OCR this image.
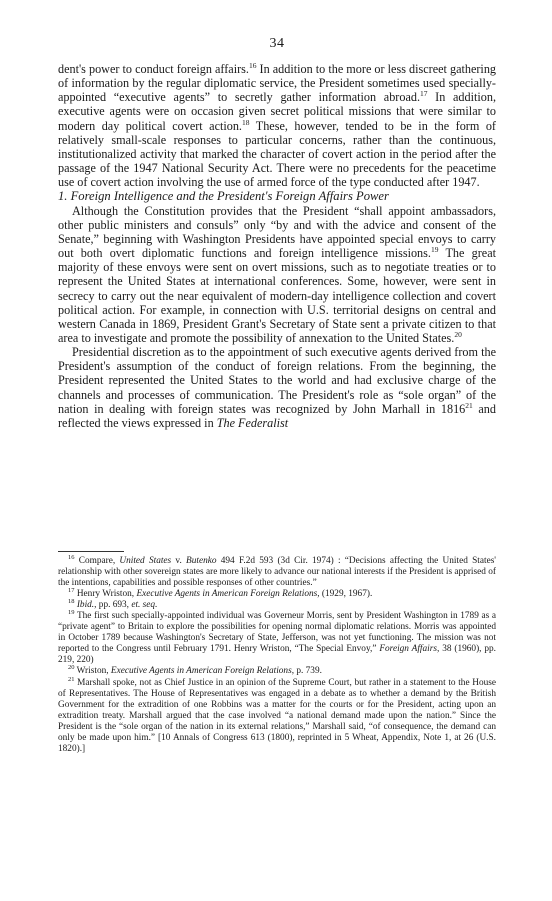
34

dent's power to conduct foreign affairs.$^{16}$ In addition to the more or less discreet gathering of information by the regular diplomatic service, the President sometimes used specially-appointed “executive agents” to secretly gather information abroad.$^{17}$ In addition, executive agents were on occasion given secret political missions that were similar to modern day political covert action.$^{18}$ These, however, tended to be in the form of relatively small-scale responses to particular concerns, rather than the continuous, institutionalized activity that marked the character of covert action in the period after the passage of the 1947 National Security Act. There were no precedents for the peacetime use of covert action involving the use of armed force of the type conducted after 1947.

1. Foreign Intelligence and the President's Foreign Affairs Power

Although the Constitution provides that the President “shall appoint ambassadors, other public ministers and consuls” only “by and with the advice and consent of the Senate,” beginning with Washington Presidents have appointed special envoys to carry out both overt diplomatic functions and foreign intelligence missions.$^{19}$ The great majority of these envoys were sent on overt missions, such as to negotiate treaties or to represent the United States at international conferences. Some, however, were sent in secrecy to carry out the near equivalent of modern-day intelligence collection and covert political action. For example, in connection with U.S. territorial designs on central and western Canada in 1869, President Grant's Secretary of State sent a private citizen to that area to investigate and promote the possibility of annexation to the United States.$^{20}$

Presidential discretion as to the appointment of such executive agents derived from the President's assumption of the conduct of foreign relations. From the beginning, the President represented the United States to the world and had exclusive charge of the channels and processes of communication. The President's role as “sole organ” of the nation in dealing with foreign states was recognized by John Marhall in 1816$^{21}$ and reflected the views expressed in The Federalist

$^{16}$ Compare, United States v. Butenko 494 F.2d 593 (3d Cir. 1974) : “Decisions affecting the United States' relationship with other sovereign states are more likely to advance our national interests if the President is apprised of the intentions, capabilities and possible responses of other countries.”

$^{17}$ Henry Wriston, Executive Agents in American Foreign Relations, (1929, 1967).

$^{18}$ Ibid., pp. 693, et. seq.

$^{19}$ The first such specially-appointed individual was Governeur Morris, sent by President Washington in 1789 as a “private agent” to Britain to explore the possibilities for opening normal diplomatic relations. Morris was appointed in October 1789 because Washington's Secretary of State, Jefferson, was not yet functioning. The mission was not reported to the Congress until February 1791. Henry Wriston, “The Special Envoy,” Foreign Affairs, 38 (1960), pp. 219, 220)

$^{20}$ Wriston, Executive Agents in American Foreign Relations, p. 739.

$^{21}$ Marshall spoke, not as Chief Justice in an opinion of the Supreme Court, but rather in a statement to the House of Representatives. The House of Representatives was engaged in a debate as to whether a demand by the British Government for the extradition of one Robbins was a matter for the courts or for the President, acting upon an extradition treaty. Marshall argued that the case involved “a national demand made upon the nation.” Since the President is the “sole organ of the nation in its external relations,” Marshall said, “of consequence, the demand can only be made upon him.” [10 Annals of Congress 613 (1800), reprinted in 5 Wheat, Appendix, Note 1, at 26 (U.S. 1820).]
